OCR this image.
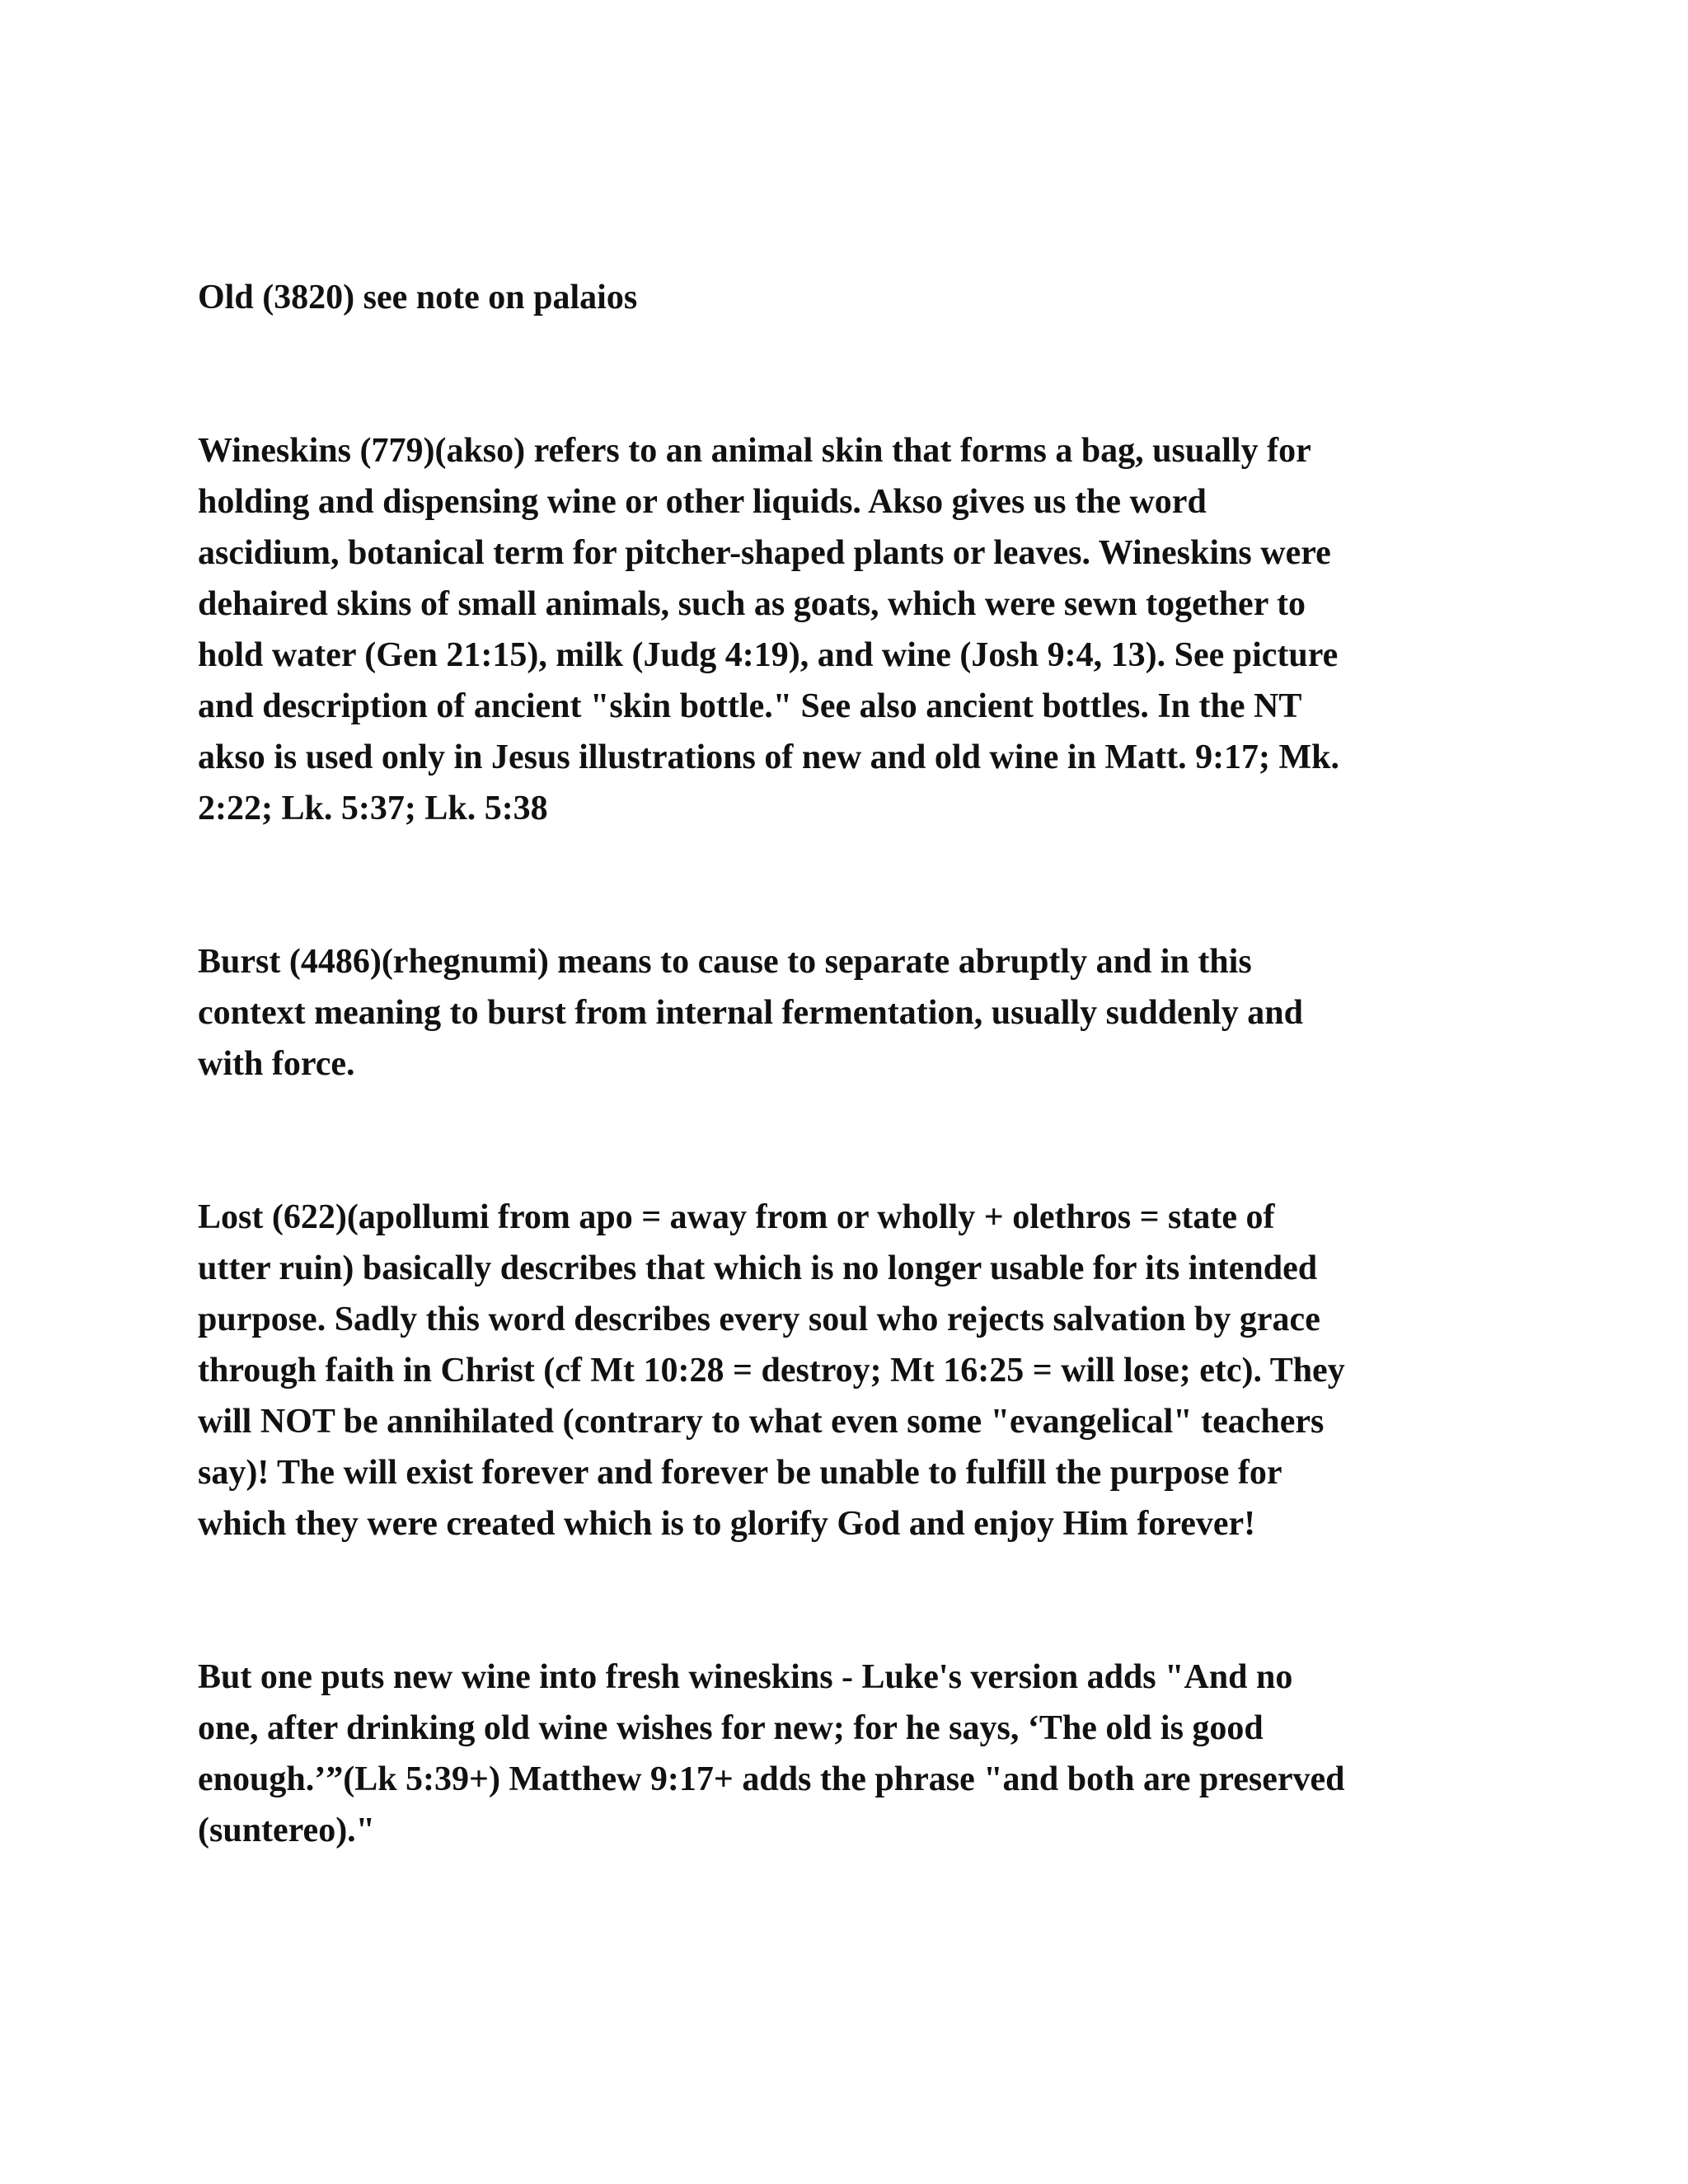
Old (3820) see note on palaios

Wineskins (779)(akso) refers to an animal skin that forms a bag, usually for
holding and dispensing wine or other liquids. Akso gives us the word
ascidium, botanical term for pitcher-shaped plants or leaves. Wineskins were
dehaired skins of small animals, such as goats, which were sewn together to
hold water (Gen 21:15), milk (Judg 4:19), and wine (Josh 9:4, 13). See picture
and description of ancient "skin bottle." See also ancient bottles. In the NT
akso is used only in Jesus illustrations of new and old wine in Matt. 9:17; Mk.
2:22; Lk. 5:37; Lk. 5:38

Burst (4486)(rhegnumi) means to cause to separate abruptly and in this
context meaning to burst from internal fermentation, usually suddenly and
with force.

Lost (622)(apollumi from apo = away from or wholly + olethros = state of
utter ruin) basically describes that which is no longer usable for its intended
purpose. Sadly this word describes every soul who rejects salvation by grace
through faith in Christ (cf Mt 10:28 = destroy; Mt 16:25 = will lose; etc). They
will NOT be annihilated (contrary to what even some "evangelical" teachers
say)! The will exist forever and forever be unable to fulfill the purpose for
which they were created which is to glorify God and enjoy Him forever!

But one puts new wine into fresh wineskins - Luke's version adds "And no
one, after drinking old wine wishes for new; for he says, ‘The old is good
enough.’”(Lk 5:39+) Matthew 9:17+ adds the phrase "and both are preserved
(suntereo)."
